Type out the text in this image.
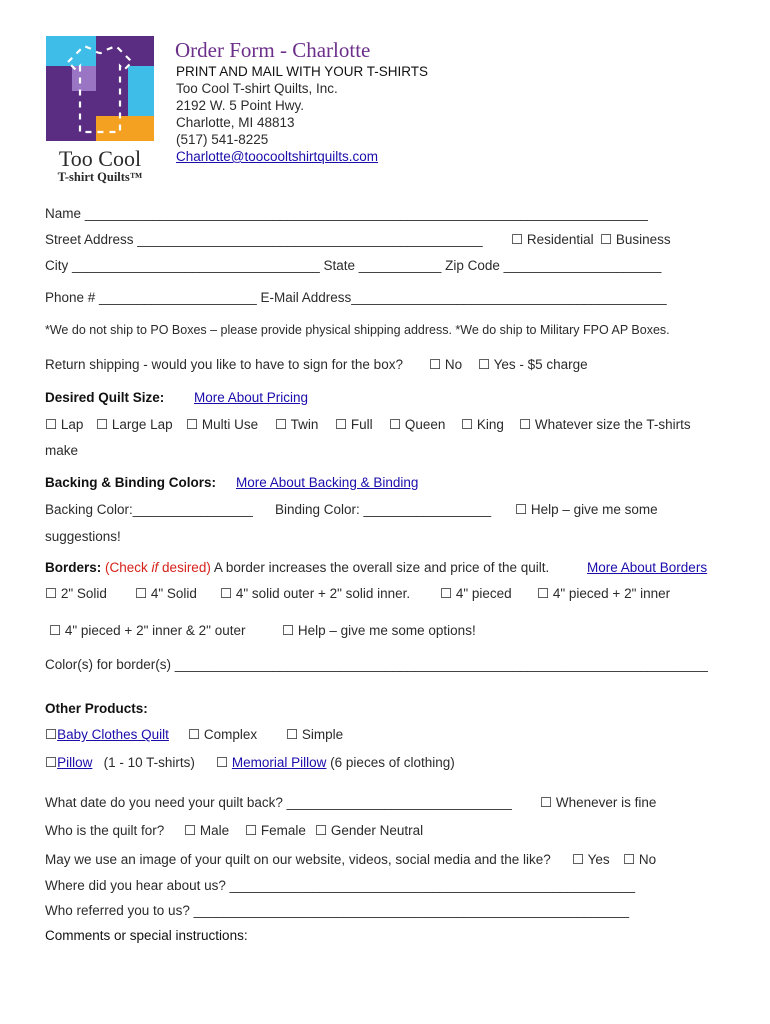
Too Cool
T-shirt Quilts™
Order Form - Charlotte
PRINT AND MAIL WITH YOUR T-SHIRTS
Too Cool T-shirt Quilts, Inc.
2192 W. 5 Point Hwy.
Charlotte, MI 48813
(517) 541-8225
Charlotte@toocooltshirtquilts.com
Name ___________________________________________________________________________
Street Address ______________________________________________ ☐ Residential ☐ Business
City _________________________________ State ___________ Zip Code _____________________
Phone # _____________________ E-Mail Address__________________________________________
*We do not ship to PO Boxes – please provide physical shipping address. *We do ship to Military FPO AP Boxes.
Return shipping - would you like to have to sign for the box? ☐ No ☐ Yes - $5 charge
Desired Quilt Size: More About Pricing
☐ Lap ☐ Large Lap ☐ Multi Use ☐ Twin ☐ Full ☐ Queen ☐ King ☐ Whatever size the T-shirts
make
Backing & Binding Colors: More About Backing & Binding
Backing Color:________________ Binding Color: _________________ ☐ Help – give me some
suggestions!
Borders: (Check if desired) A border increases the overall size and price of the quilt.	More About Borders
☐ 2" Solid ☐ 4" Solid ☐ 4" solid outer + 2" solid inner. ☐ 4" pieced ☐ 4" pieced + 2" inner
☐ 4" pieced + 2" inner & 2" outer	☐ Help – give me some options!
Color(s) for border(s) _______________________________________________________________________
Other Products:
☐Baby Clothes Quilt ☐ Complex ☐ Simple
☐Pillow (1 - 10 T-shirts) ☐ Memorial Pillow (6 pieces of clothing)
What date do you need your quilt back? ______________________________ ☐ Whenever is fine
Who is the quilt for? ☐ Male ☐ Female ☐ Gender Neutral
May we use an image of your quilt on our website, videos, social media and the like? ☐ Yes ☐ No
Where did you hear about us? ______________________________________________________
Who referred you to us? __________________________________________________________
Comments or special instructions:
